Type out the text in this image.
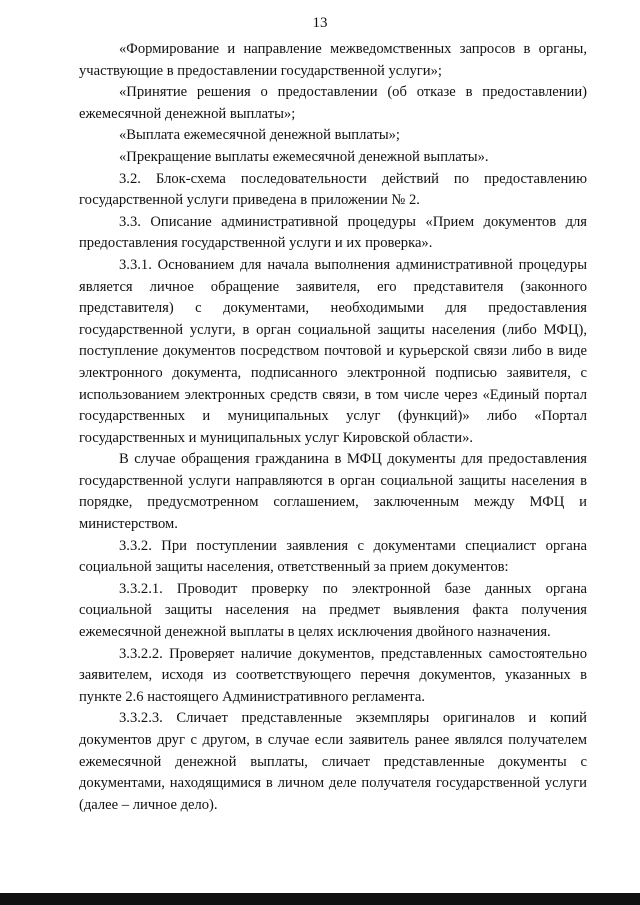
13

«Формирование и направление межведомственных запросов в органы, участвующие в предоставлении государственной услуги»;

«Принятие решения о предоставлении (об отказе в предоставлении) ежемесячной денежной выплаты»;

«Выплата ежемесячной денежной выплаты»;

«Прекращение выплаты ежемесячной денежной выплаты».

3.2. Блок-схема последовательности действий по предоставлению государственной услуги приведена в приложении № 2.

3.3. Описание административной процедуры «Прием документов для предоставления государственной услуги и их проверка».

3.3.1. Основанием для начала выполнения административной процедуры является личное обращение заявителя, его представителя (законного представителя) с документами, необходимыми для предоставления государственной услуги, в орган социальной защиты населения (либо МФЦ), поступление документов посредством почтовой и курьерской связи либо в виде электронного документа, подписанного электронной подписью заявителя, с использованием электронных средств связи, в том числе через «Единый портал государственных и муниципальных услуг (функций)» либо «Портал государственных и муниципальных услуг Кировской области».

В случае обращения гражданина в МФЦ документы для предоставления государственной услуги направляются в орган социальной защиты населения в порядке, предусмотренном соглашением, заключенным между МФЦ и министерством.

3.3.2. При поступлении заявления с документами специалист органа социальной защиты населения, ответственный за прием документов:

3.3.2.1. Проводит проверку по электронной базе данных органа социальной защиты населения на предмет выявления факта получения ежемесячной денежной выплаты в целях исключения двойного назначения.

3.3.2.2. Проверяет наличие документов, представленных самостоятельно заявителем, исходя из соответствующего перечня документов, указанных в пункте 2.6 настоящего Административного регламента.

3.3.2.3. Сличает представленные экземпляры оригиналов и копий документов друг с другом, в случае если заявитель ранее являлся получателем ежемесячной денежной выплаты, сличает представленные документы с документами, находящимися в личном деле получателя государственной услуги (далее – личное дело).
